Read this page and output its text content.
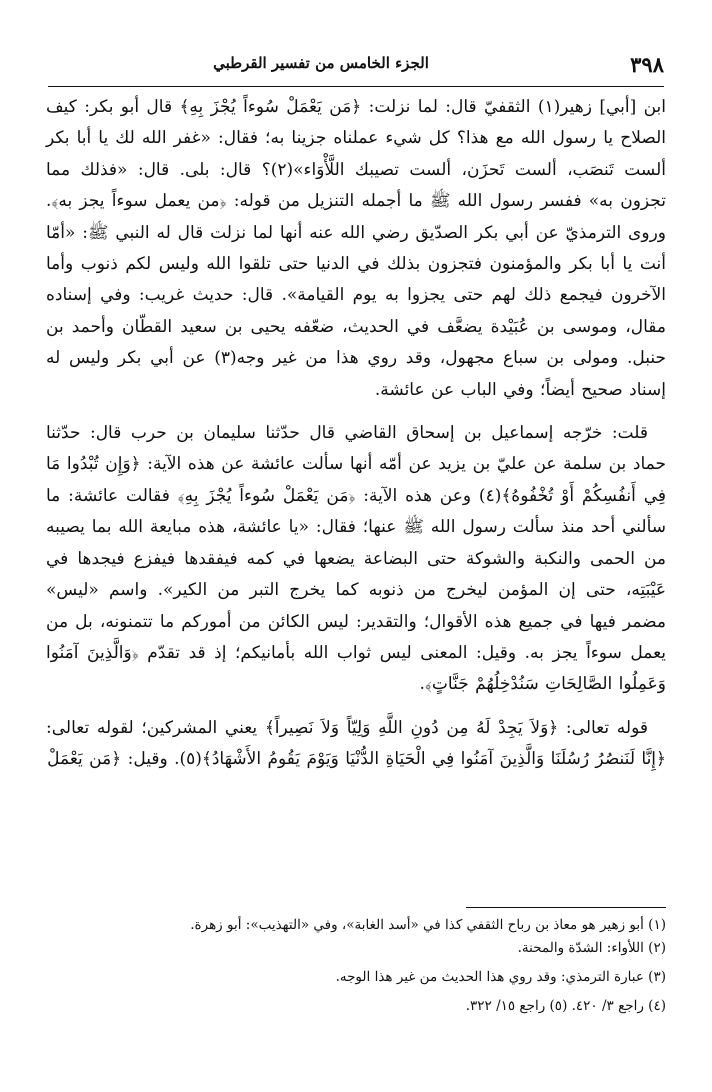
٣٩٨
الجزء الخامس من تفسير القرطبي

ابن [أبي] زهير(١) الثقفيّ قال: لما نزلت: ﴿مَن يَعْمَلْ سُوءاً يُجْزَ بِهِ﴾ قال أبو بكر: كيف الصلاح يا رسول الله مع هذا؟ كل شيء عملناه جزينا به؛ فقال: «غفر الله لك يا أبا بكر ألست تَنصَب، ألست تَحزَن، ألست تصيبك اللَّأْوَاء»(٢)؟ قال: بلى. قال: «فذلك مما تجزون به» ففسر رسول الله ﷺ ما أجمله التنزيل من قوله: ﴿من يعمل سوءاً يجز به﴾. وروى الترمذيّ عن أبي بكر الصدّيق رضي الله عنه أنها لما نزلت قال له النبي ﷺ: «أمّا أنت يا أبا بكر والمؤمنون فتجزون بذلك في الدنيا حتى تلقوا الله وليس لكم ذنوب وأما الآخرون فيجمع ذلك لهم حتى يجزوا به يوم القيامة». قال: حديث غريب: وفي إسناده مقال، وموسى بن عُبَيْدة يضعَّف في الحديث، ضعّفه يحيى بن سعيد القطّان وأحمد بن حنبل. ومولى بن سباع مجهول، وقد روي هذا من غير وجه(٣) عن أبي بكر وليس له إسناد صحيح أيضاً؛ وفي الباب عن عائشة.

قلت: خرّجه إسماعيل بن إسحاق القاضي قال حدّثنا سليمان بن حرب قال: حدّثنا حماد بن سلمة عن عليّ بن يزيد عن أمّه أنها سألت عائشة عن هذه الآية: ﴿وَإِن تُبْدُوا مَا فِي أَنفُسِكُمْ أَوْ تُخْفُوهُ﴾(٤) وعن هذه الآية: ﴿مَن يَعْمَلْ سُوءاً يُجْزَ بِهِ﴾ فقالت عائشة: ما سألني أحد منذ سألت رسول الله ﷺ عنها؛ فقال: «يا عائشة، هذه مبايعة الله بما يصيبه من الحمى والنكبة والشوكة حتى البضاعة يضعها في كمه فيفقدها فيفزع فيجدها في عَيْبَتِه، حتى إن المؤمن ليخرج من ذنوبه كما يخرج التبر من الكير». واسم «ليس» مضمر فيها في جميع هذه الأقوال؛ والتقدير: ليس الكائن من أموركم ما تتمنونه، بل من يعمل سوءاً يجز به. وقيل: المعنى ليس ثواب الله بأمانيكم؛ إذ قد تقدّم ﴿وَالَّذِينَ آمَنُوا وَعَمِلُوا الصَّالِحَاتِ سَنُدْخِلُهُمْ جَنَّاتٍ﴾.

قوله تعالى: ﴿وَلاَ يَجِدْ لَهُ مِن دُونِ اللَّهِ وَلِيّاً وَلاَ نَصِيراً﴾ يعني المشركين؛ لقوله تعالى: ﴿إِنَّا لَنَنصُرُ رُسُلَنَا وَالَّذِينَ آمَنُوا فِي الْحَيَاةِ الدُّنْيَا وَيَوْمَ يَقُومُ الأَشْهَادُ﴾(٥). وقيل: ﴿مَن يَعْمَلْ

(١) أبو زهير هو معاذ بن رباح الثقفي كذا في «أسد الغابة»، وفي «التهذيب»: أبو زهرة.

(٢) اللأواء: الشدّة والمحنة.

(٣) عبارة الترمذي: وقد روي هذا الحديث من غير هذا الوجه.

(٤) راجع ٣/ ٤٢٠. (٥) راجع ١٥/ ٣٢٢.
